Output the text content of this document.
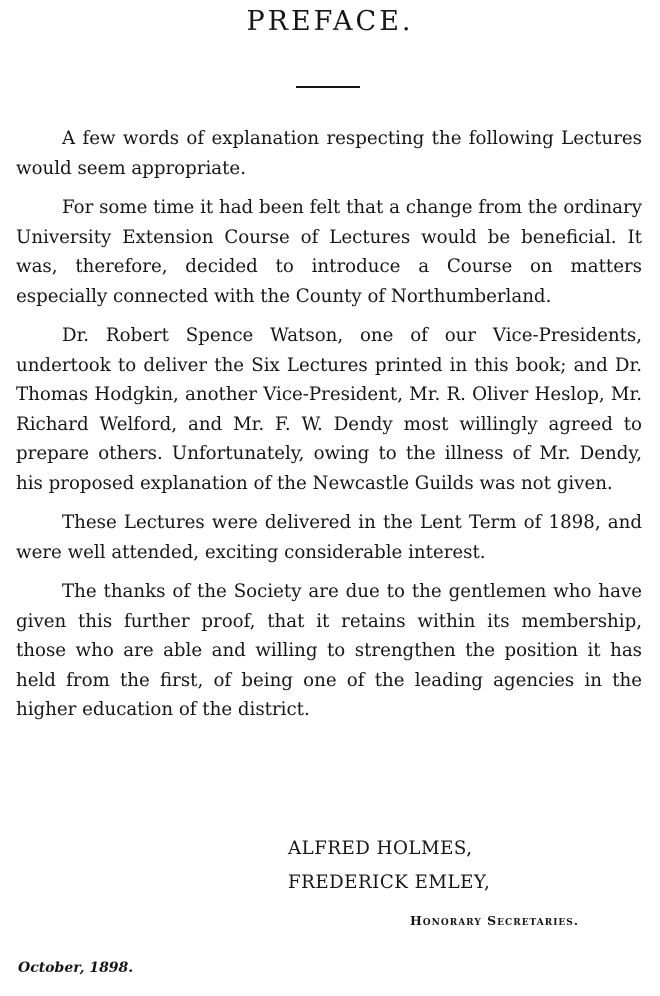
PREFACE.

A few words of explanation respecting the following Lectures would seem appropriate.

For some time it had been felt that a change from the ordinary University Extension Course of Lectures would be beneficial. It was, therefore, decided to introduce a Course on matters especially connected with the County of Northumberland.

Dr. Robert Spence Watson, one of our Vice-Presidents, undertook to deliver the Six Lectures printed in this book; and Dr. Thomas Hodgkin, another Vice-President, Mr. R. Oliver Heslop, Mr. Richard Welford, and Mr. F. W. Dendy most willingly agreed to prepare others. Unfortunately, owing to the illness of Mr. Dendy, his proposed explanation of the Newcastle Guilds was not given.

These Lectures were delivered in the Lent Term of 1898, and were well attended, exciting considerable interest.

The thanks of the Society are due to the gentlemen who have given this further proof, that it retains within its membership, those who are able and willing to strengthen the position it has held from the first, of being one of the leading agencies in the higher education of the district.

ALFRED HOLMES,
FREDERICK EMLEY,
Honorary Secretaries.
October, 1898.
